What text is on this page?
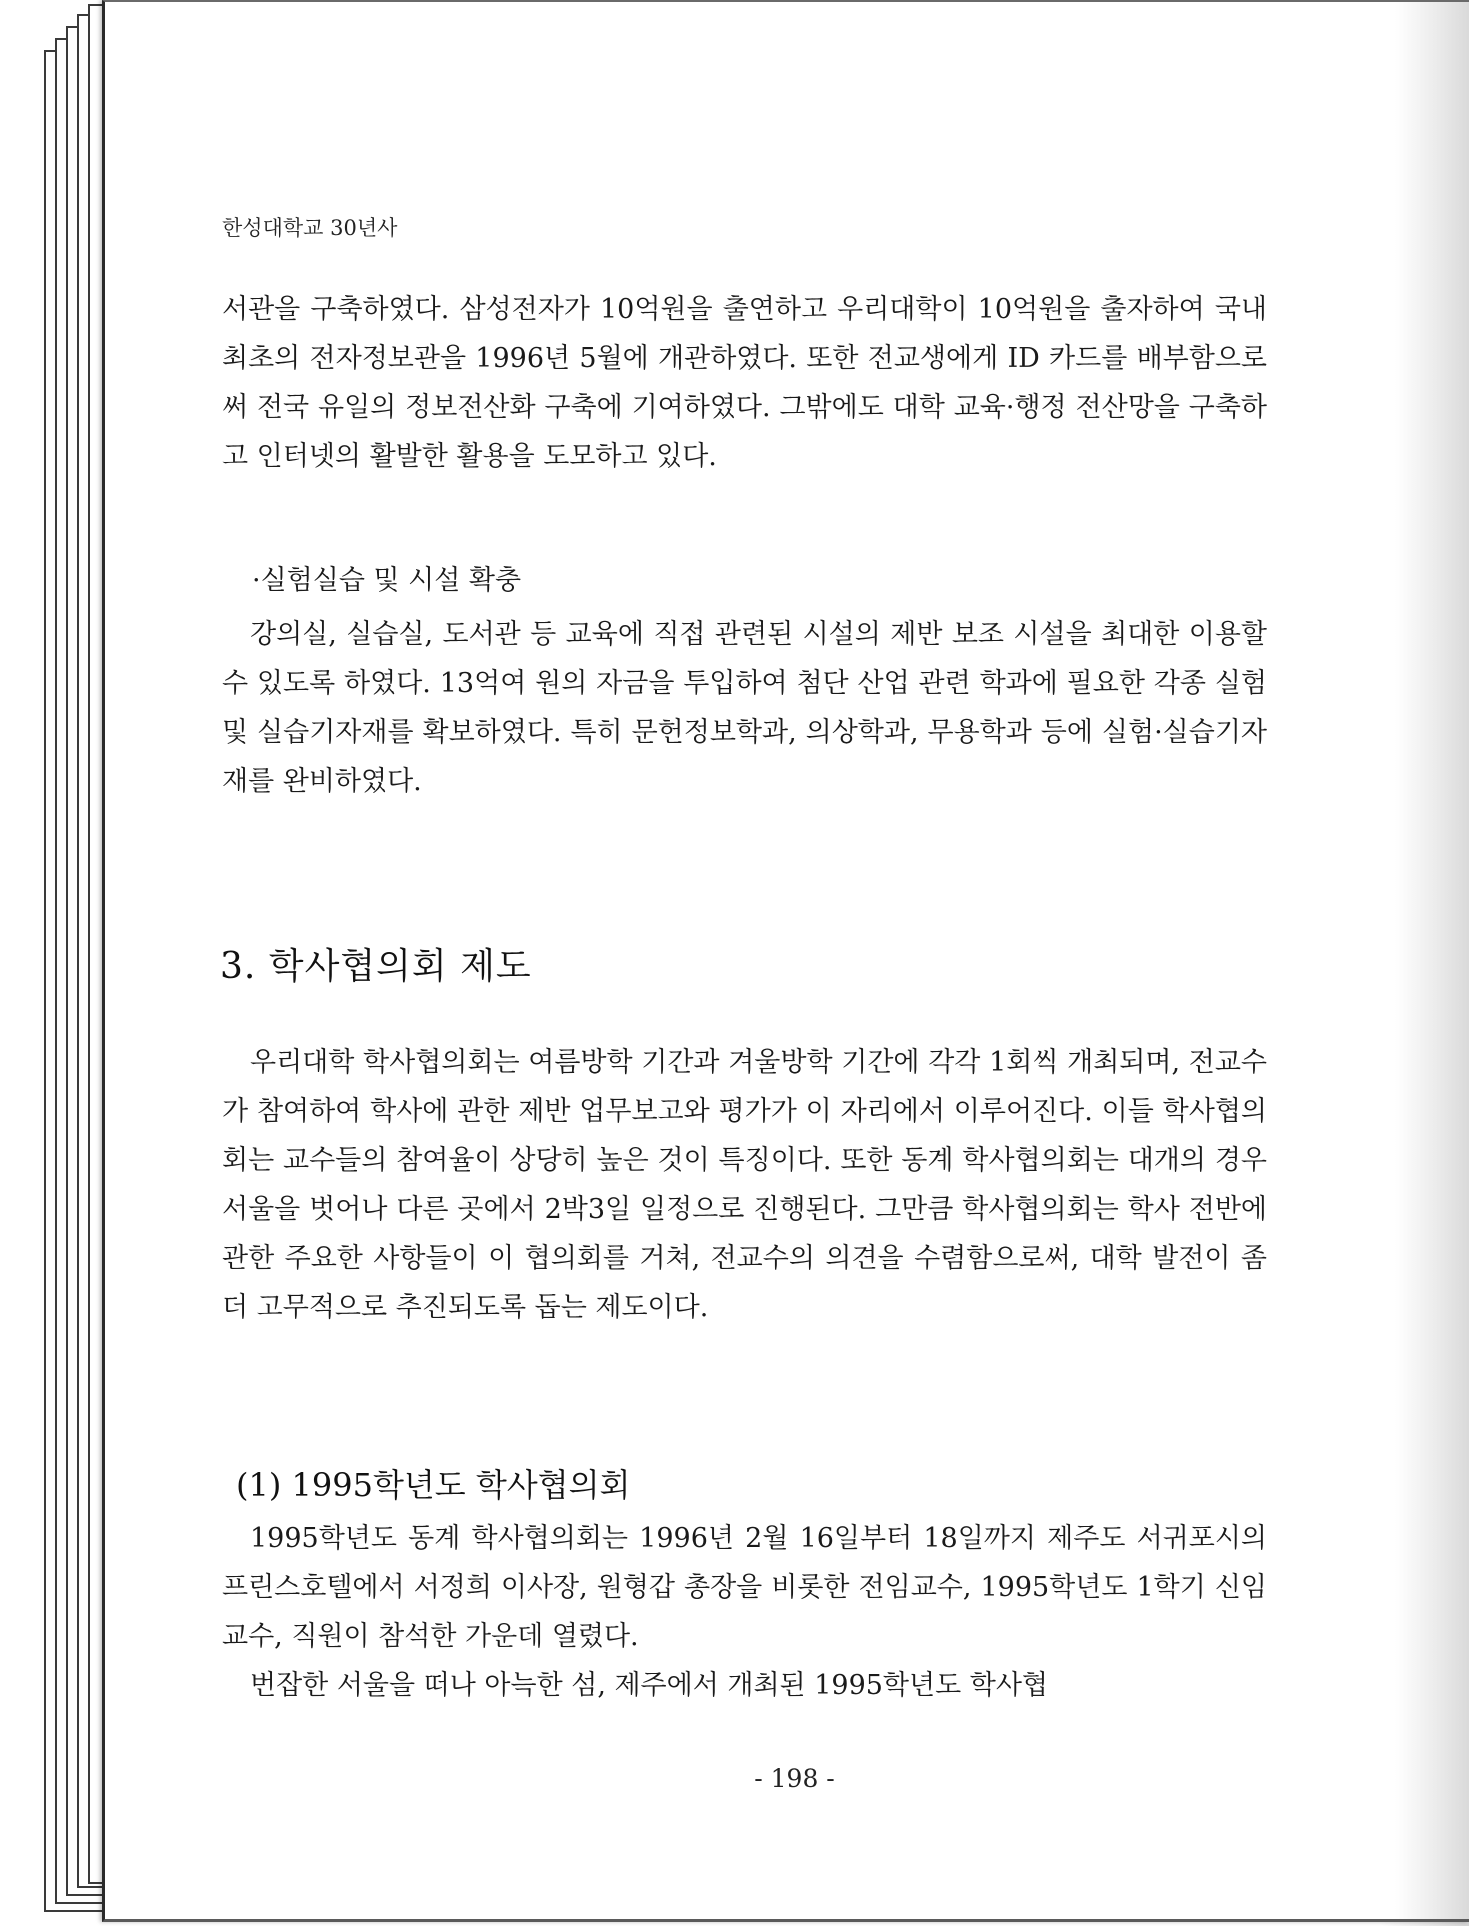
한성대학교 30년사

서관을 구축하였다. 삼성전자가 10억원을 출연하고 우리대학이 10억원을 출자하여 국내 최초의 전자정보관을 1996년 5월에 개관하였다. 또한 전교생에게 ID 카드를 배부함으로써 전국 유일의 정보전산화 구축에 기여하였다. 그밖에도 대학 교육·행정 전산망을 구축하고 인터넷의 활발한 활용을 도모하고 있다.

·실험실습 및 시설 확충

강의실, 실습실, 도서관 등 교육에 직접 관련된 시설의 제반 보조 시설을 최대한 이용할 수 있도록 하였다. 13억여 원의 자금을 투입하여 첨단 산업 관련 학과에 필요한 각종 실험 및 실습기자재를 확보하였다. 특히 문헌정보학과, 의상학과, 무용학과 등에 실험·실습기자재를 완비하였다.

3. 학사협의회 제도

우리대학 학사협의회는 여름방학 기간과 겨울방학 기간에 각각 1회씩 개최되며, 전교수가 참여하여 학사에 관한 제반 업무보고와 평가가 이 자리에서 이루어진다. 이들 학사협의회는 교수들의 참여율이 상당히 높은 것이 특징이다. 또한 동계 학사협의회는 대개의 경우 서울을 벗어나 다른 곳에서 2박3일 일정으로 진행된다. 그만큼 학사협의회는 학사 전반에 관한 주요한 사항들이 이 협의회를 거쳐, 전교수의 의견을 수렴함으로써, 대학 발전이 좀더 고무적으로 추진되도록 돕는 제도이다.

(1) 1995학년도 학사협의회

1995학년도 동계 학사협의회는 1996년 2월 16일부터 18일까지 제주도 서귀포시의 프린스호텔에서 서정희 이사장, 원형갑 총장을 비롯한 전임교수, 1995학년도 1학기 신임교수, 직원이 참석한 가운데 열렸다.

번잡한 서울을 떠나 아늑한 섬, 제주에서 개최된 1995학년도 학사협

- 198 -
